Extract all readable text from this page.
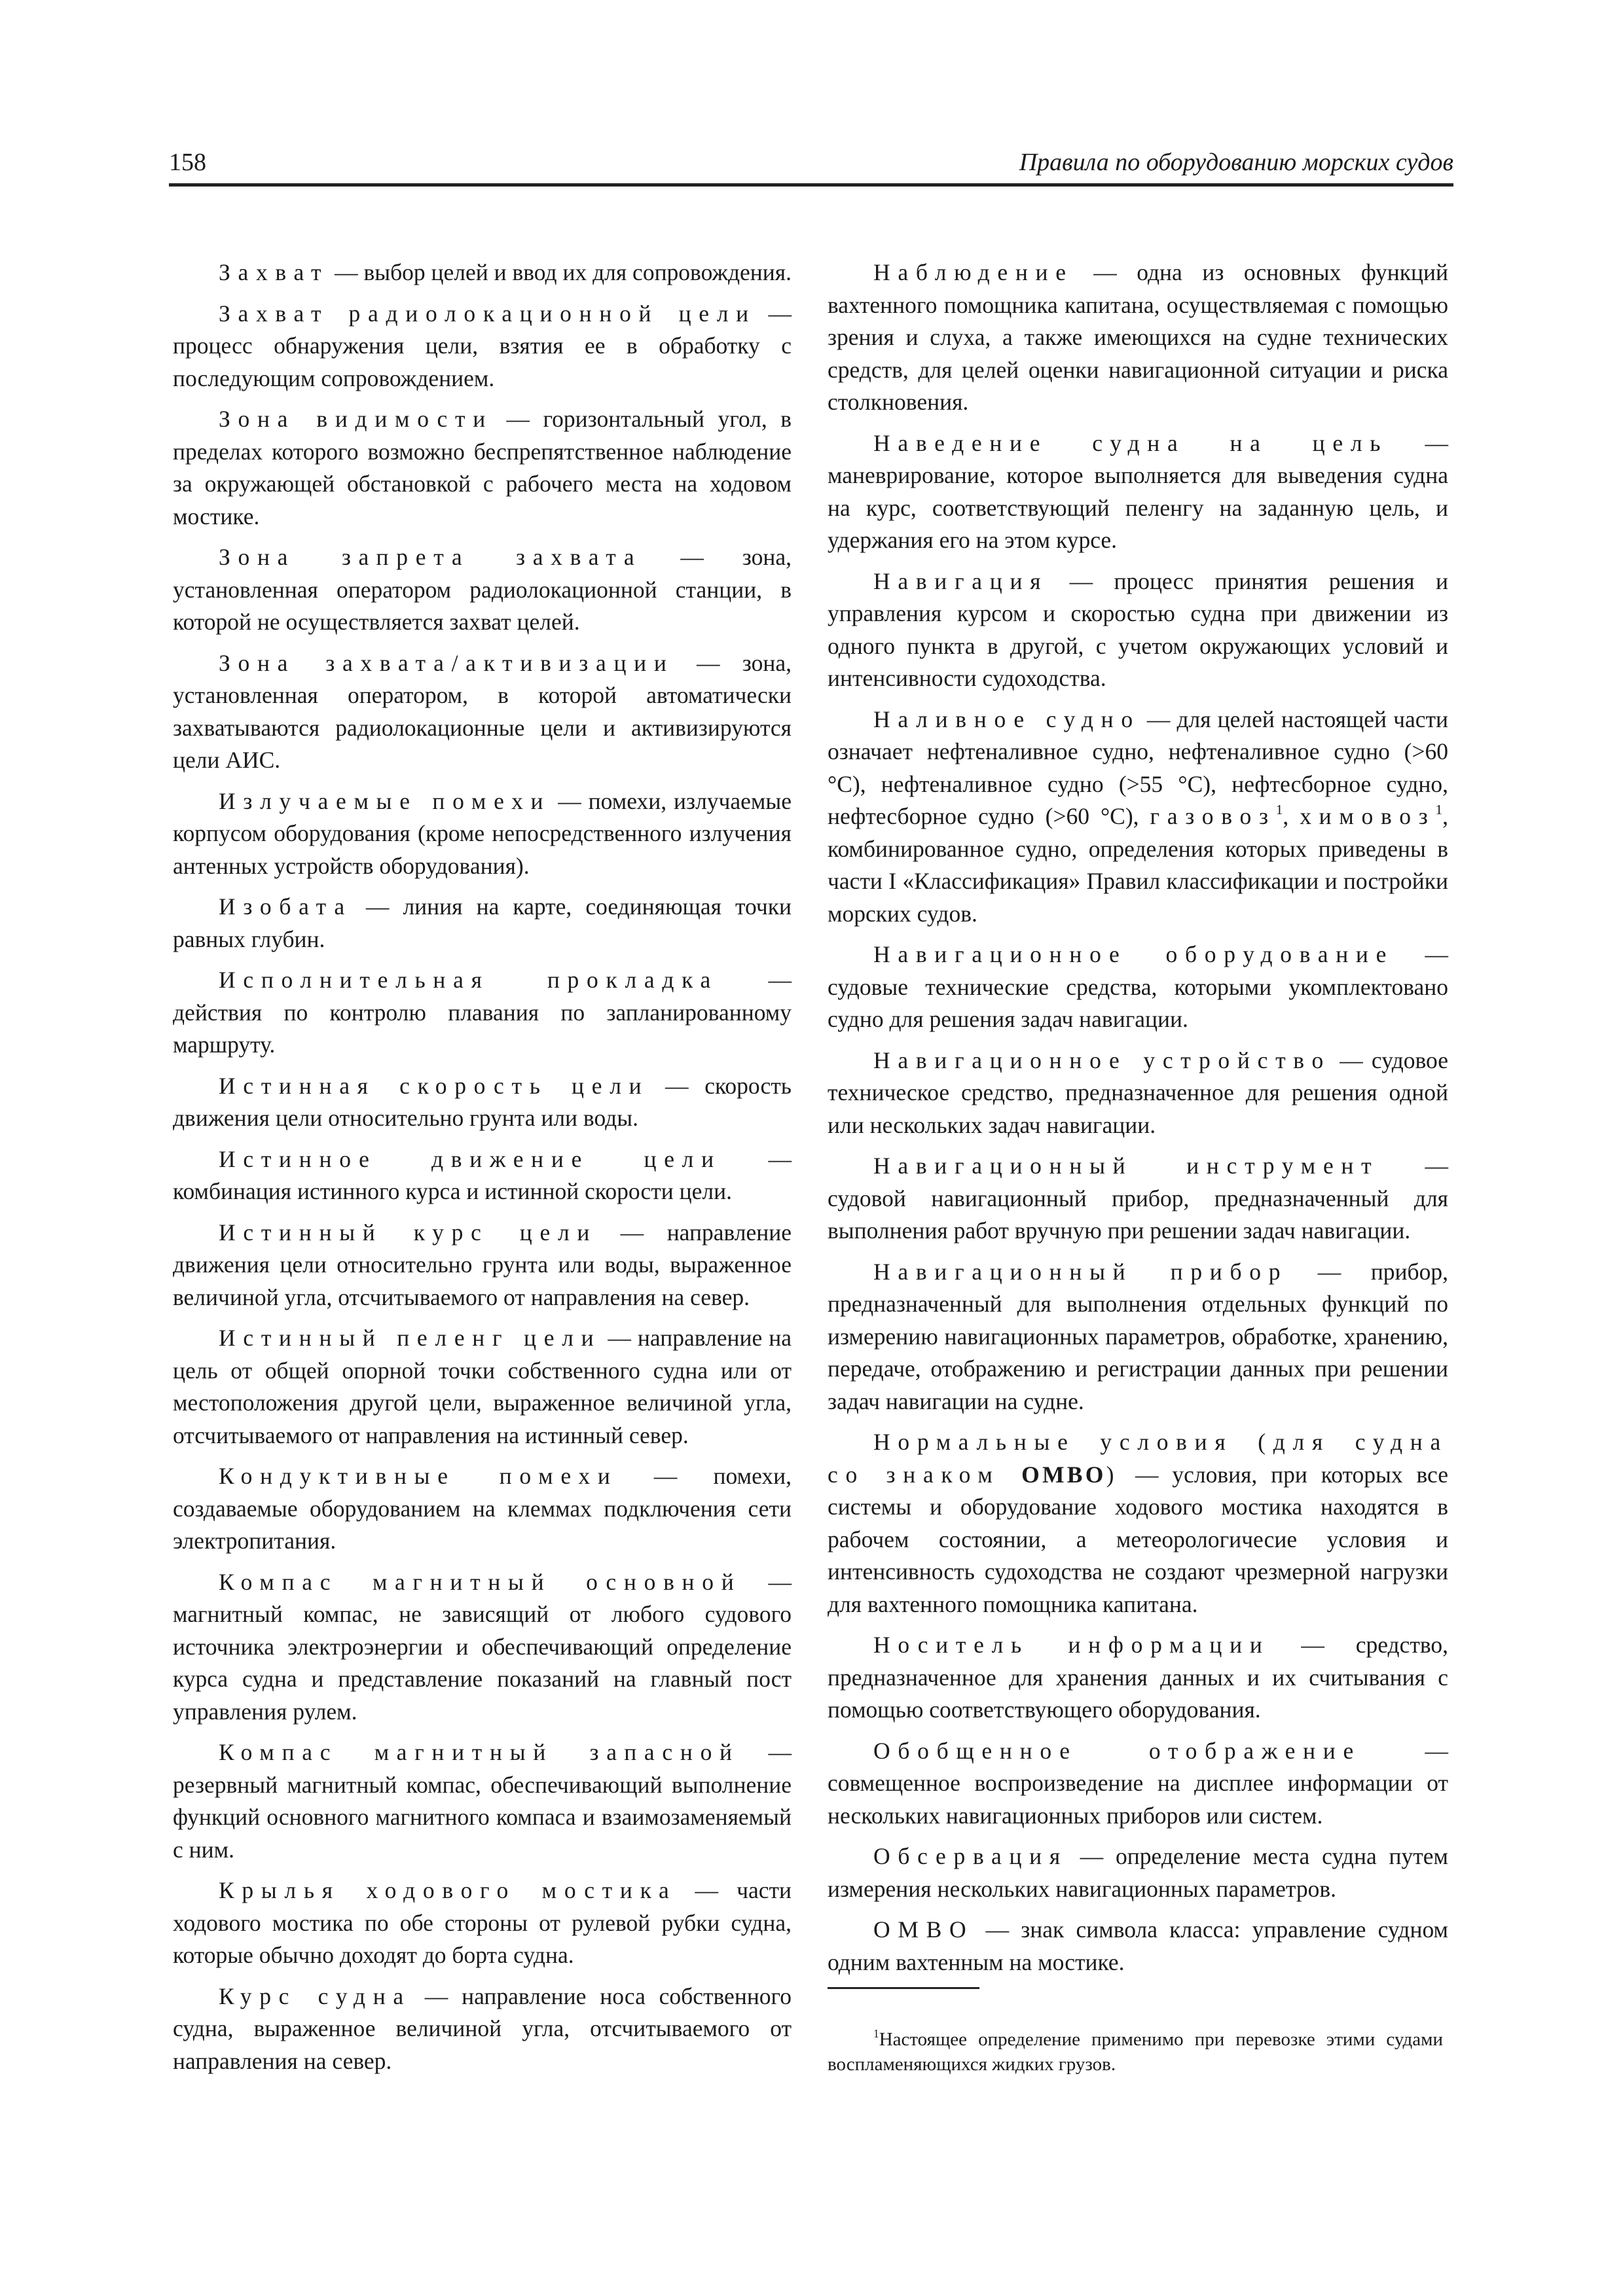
158	Правила по оборудованию морских судов

Захват — выбор целей и ввод их для сопровождения.

Захват радиолокационной цели — процесс обнаружения цели, взятия ее в обработку с последующим сопровождением.

Зона видимости — горизонтальный угол, в пределах которого возможно беспрепятственное наблюдение за окружающей обстановкой с рабочего места на ходовом мостике.

Зона запрета захвата — зона, установленная оператором радиолокационной станции, в которой не осуществляется захват целей.

Зона захвата/активизации — зона, установленная оператором, в которой автоматически захватываются радиолокационные цели и активизируются цели АИС.

Излучаемые помехи — помехи, излучаемые корпусом оборудования (кроме непосредственного излучения антенных устройств оборудования).

Изобата — линия на карте, соединяющая точки равных глубин.

Исполнительная прокладка — действия по контролю плавания по запланированному маршруту.

Истинная скорость цели — скорость движения цели относительно грунта или воды.

Истинное движение цели — комбинация истинного курса и истинной скорости цели.

Истинный курс цели — направление движения цели относительно грунта или воды, выраженное величиной угла, отсчитываемого от направления на север.

Истинный пеленг цели — направление на цель от общей опорной точки собственного судна или от местоположения другой цели, выраженное величиной угла, отсчитываемого от направления на истинный север.

Кондуктивные помехи — помехи, создаваемые оборудованием на клеммах подключения сети электропитания.

Компас магнитный основной — магнитный компас, не зависящий от любого судового источника электроэнергии и обеспечивающий определение курса судна и представление показаний на главный пост управления рулем.

Компас магнитный запасной — резервный магнитный компас, обеспечивающий выполнение функций основного магнитного компаса и взаимозаменяемый с ним.

Крылья ходового мостика — части ходового мостика по обе стороны от рулевой рубки судна, которые обычно доходят до борта судна.

Курс судна — направление носа собственного судна, выраженное величиной угла, отсчитываемого от направления на север.

Наблюдение — одна из основных функций вахтенного помощника капитана, осуществляемая с помощью зрения и слуха, а также имеющихся на судне технических средств, для целей оценки навигационной ситуации и риска столкновения.

Наведение судна на цель — маневрирование, которое выполняется для выведения судна на курс, соответствующий пеленгу на заданную цель, и удержания его на этом курсе.

Навигация — процесс принятия решения и управления курсом и скоростью судна при движении из одного пункта в другой, с учетом окружающих условий и интенсивности судоходства.

Наливное судно — для целей настоящей части означает нефтеналивное судно, нефтеналивное судно (>60 °C), нефтеналивное судно (>55 °C), нефтесборное судно, нефтесборное судно (>60 °C), газовоз$^1$, химовоз$^1$, комбинированное судно, определения которых приведены в части I «Классификация» Правил классификации и постройки морских судов.

Навигационное оборудование — судовые технические средства, которыми укомплектовано судно для решения задач навигации.

Навигационное устройство — судовое техническое средство, предназначенное для решения одной или нескольких задач навигации.

Навигационный инструмент — судовой навигационный прибор, предназначенный для выполнения работ вручную при решении задач навигации.

Навигационный прибор — прибор, предназначенный для выполнения отдельных функций по измерению навигационных параметров, обработке, хранению, передаче, отображению и регистрации данных при решении задач навигации на судне.

Нормальные условия (для судна со знаком ОМВО) — условия, при которых все системы и оборудование ходового мостика находятся в рабочем состоянии, а метеорологичесие условия и интенсивность судоходства не создают чрезмерной нагрузки для вахтенного помощника капитана.

Носитель информации — средство, предназначенное для хранения данных и их считывания с помощью соответствующего оборудования.

Обобщенное отображение — совмещенное воспроизведение на дисплее информации от нескольких навигационных приборов или систем.

Обсервация — определение места судна путем измерения нескольких навигационных параметров.

ОМВО — знак символа класса: управление судном одним вахтенным на мостике.

$^1$Настоящее определение применимо при перевозке этими судами воспламеняющихся жидких грузов.
